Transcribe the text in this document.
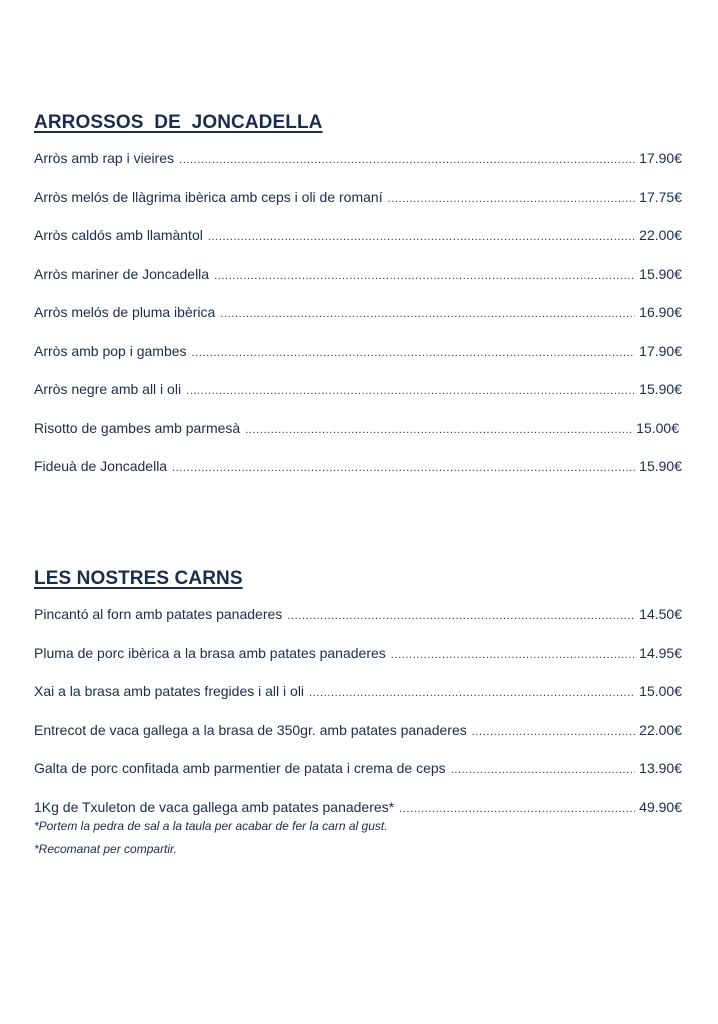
ARROSSOS  DE  JONCADELLA
Arròs amb rap i vieires .....	17.90€
Arròs melós de llàgrima ibèrica amb ceps i oli de romaní .....	17.75€
Arròs caldós amb llamàntol .....	22.00€
Arròs mariner de Joncadella .....	15.90€
Arròs melós de pluma ibèrica .....	16.90€
Arròs amb pop i gambes .....	17.90€
Arròs negre amb all i oli .....	15.90€
Risotto de gambes amb parmesà .....	15.00€
Fideuà de Joncadella .....	15.90€
LES NOSTRES CARNS
Pincantó al forn amb patates panaderes .....	14.50€
Pluma de porc ibèrica a la brasa amb patates panaderes .....	14.95€
Xai a la brasa amb patates fregides i all i oli .....	15.00€
Entrecot de vaca gallega a la brasa de 350gr. amb patates panaderes .....	22.00€
Galta de porc confitada amb parmentier de patata i crema de ceps .....	13.90€
1Kg de Txuleton de vaca gallega amb patates panaderes* .....	49.90€

*Portem la pedra de sal a la taula per acabar de fer la carn al gust.

*Recomanat per compartir.
